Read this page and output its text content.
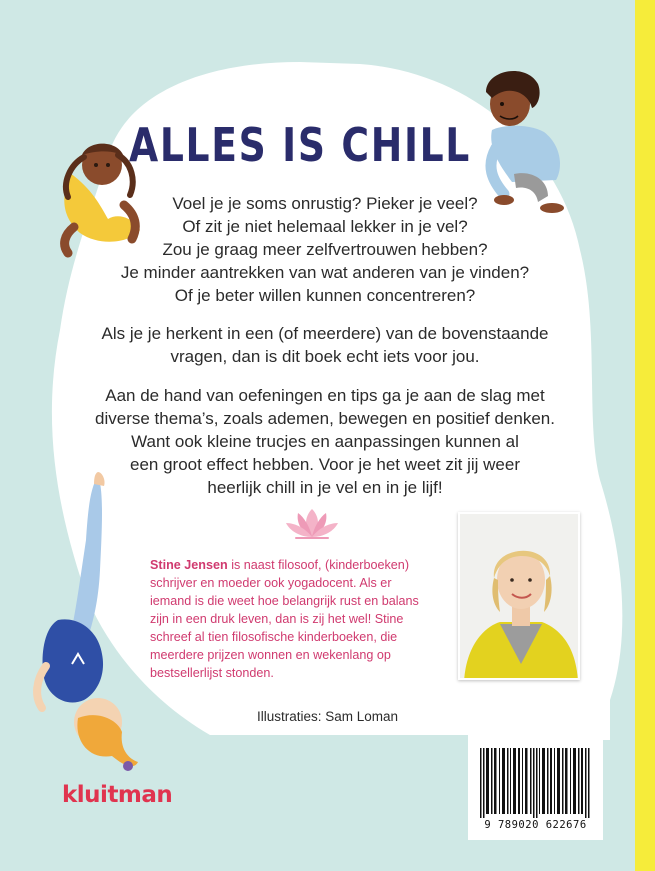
ALLES IS CHILL
Voel je je soms onrustig? Pieker je veel?
Of zit je niet helemaal lekker in je vel?
Zou je graag meer zelfvertrouwen hebben?
Je minder aantrekken van wat anderen van je vinden?
Of je beter willen kunnen concentreren?
Als je je herkent in een (of meerdere) van de bovenstaande
vragen, dan is dit boek echt iets voor jou.
Aan de hand van oefeningen en tips ga je aan de slag met
diverse thema’s, zoals ademen, bewegen en positief denken.
Want ook kleine trucjes en aanpassingen kunnen al
een groot effect hebben. Voor je het weet zit jij weer
heerlijk chill in je vel en in je lijf!
Stine Jensen is naast filosoof, (kinderboeken)
schrijver en moeder ook yogadocent. Als er
iemand is die weet hoe belangrijk rust en balans
zijn in een druk leven, dan is zij het wel! Stine
schreef al tien filosofische kinderboeken, die
meerdere prijzen wonnen en wekenlang op
bestsellerlijst stonden.
Illustraties: Sam Loman
kluitman
9 789020 622676
